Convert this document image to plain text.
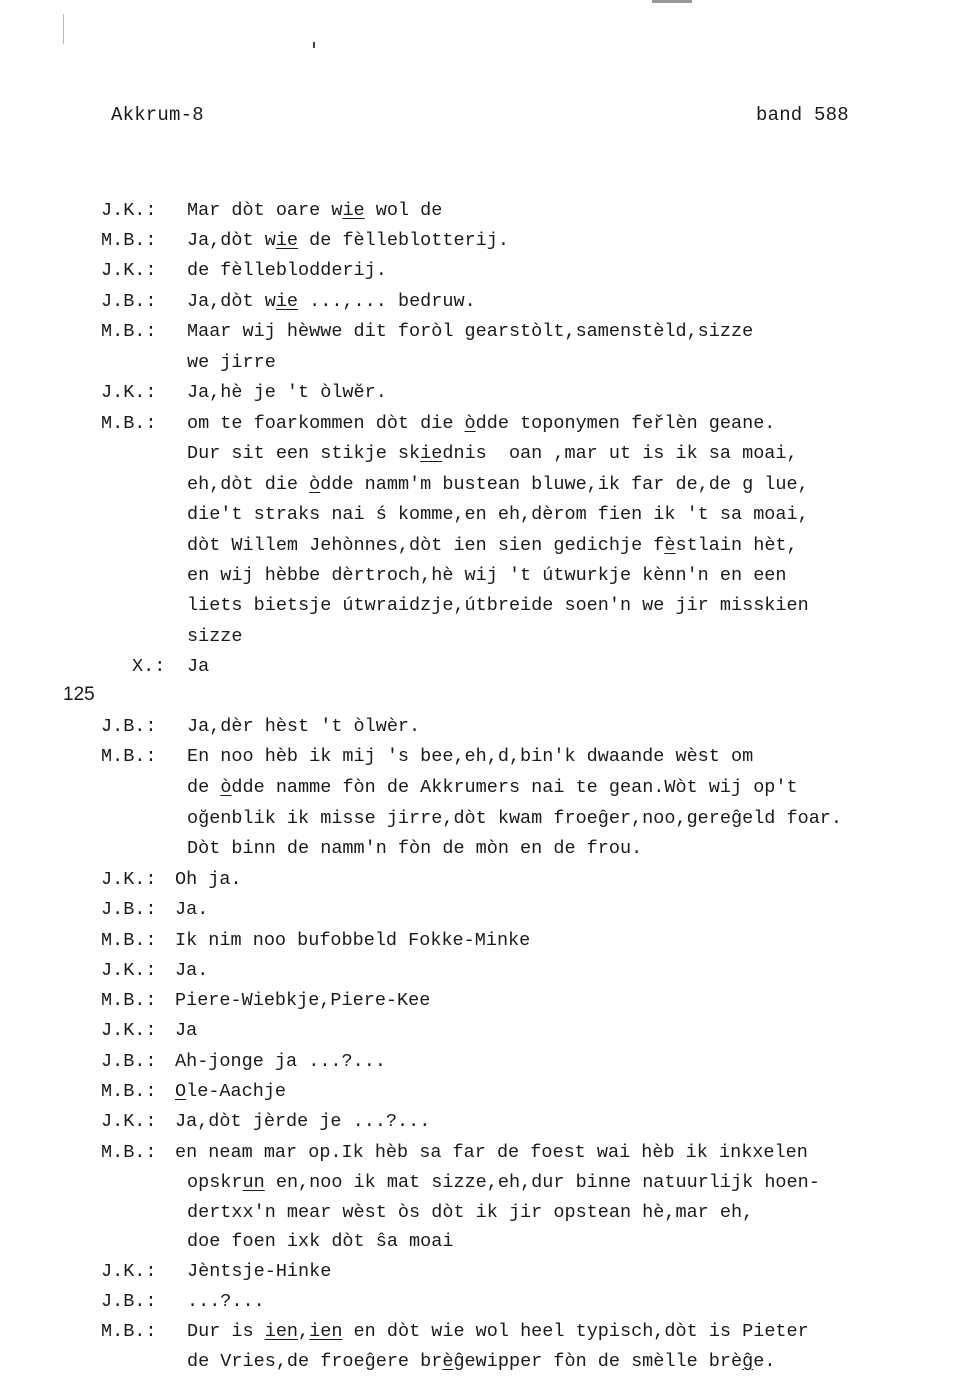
Akkrum-8	band 588
125
J.K.: Mar dòt oare wie wol de
M.B.: Ja,dòt wie de fèlleblotterij.
J.K.: de fèlleblodderij.
J.B.: Ja,dòt wie ...,... bedruw.
M.B.: Maar wij hèwwe dit foròl gearstòlt,samenstèld,sizze
we jirre
J.K.: Ja,hè je 't òlwĕr.
M.B.: om te foarkommen dòt die òdde toponymen feřlèn geane.
Dur sit een stikje skiednis  oan ,mar ut is ik sa moai,
eh,dòt die òdde namm'm bustean bluwe,ik far de,de g lue,
die't straks nai ś komme,en eh,dèrom fien ik 't sa moai,
dòt Willem Jehònnes,dòt ien sien gedichje fèstlain hèt,
en wij hèbbe dèrtroch,hè wij 't útwurkje kènn'n en een
liets bietsje útwraidzje,útbreide soen'n we jir misskien
sizze
X.: Ja
J.B.: Ja,dèr hèst 't òlwèr.
M.B.: En noo hèb ik mij 's bee,eh,d,bin'k dwaande wèst om
de òdde namme fòn de Akkrumers nai te gean.Wòt wij op't
oğenblik ik misse jirre,dòt kwam froeĝer,noo,gereĝeld foar.
Dòt binn de namm'n fòn de mòn en de frou.
J.K.: Oh ja.
J.B.: Ja.
M.B.: Ik nim noo bufobbeld Fokke-Minke
J.K.: Ja.
M.B.: Piere-Wiebkje,Piere-Kee
J.K.: Ja
J.B.: Ah-jonge ja ...?...
M.B.: Ole-Aachje
J.K.: Ja,dòt jèrde je ...?...
M.B.: en neam mar op.Ik hèb sa far de foest wai hèb ik inkxelen
opskrun en,noo ik mat sizze,eh,dur binne natuurlijk hoen-
dertxx'n mear wèst òs dòt ik jir opstean hè,mar eh,
doe foen ixk dòt ŝa moai
J.K.: Jèntsje-Hinke
J.B.: ...?...
M.B.: Dur is ien,ien en dòt wie wol heel typisch,dòt is Pieter
de Vries,de froeĝere brèĝewipper fòn de smèlle brèĝe.
